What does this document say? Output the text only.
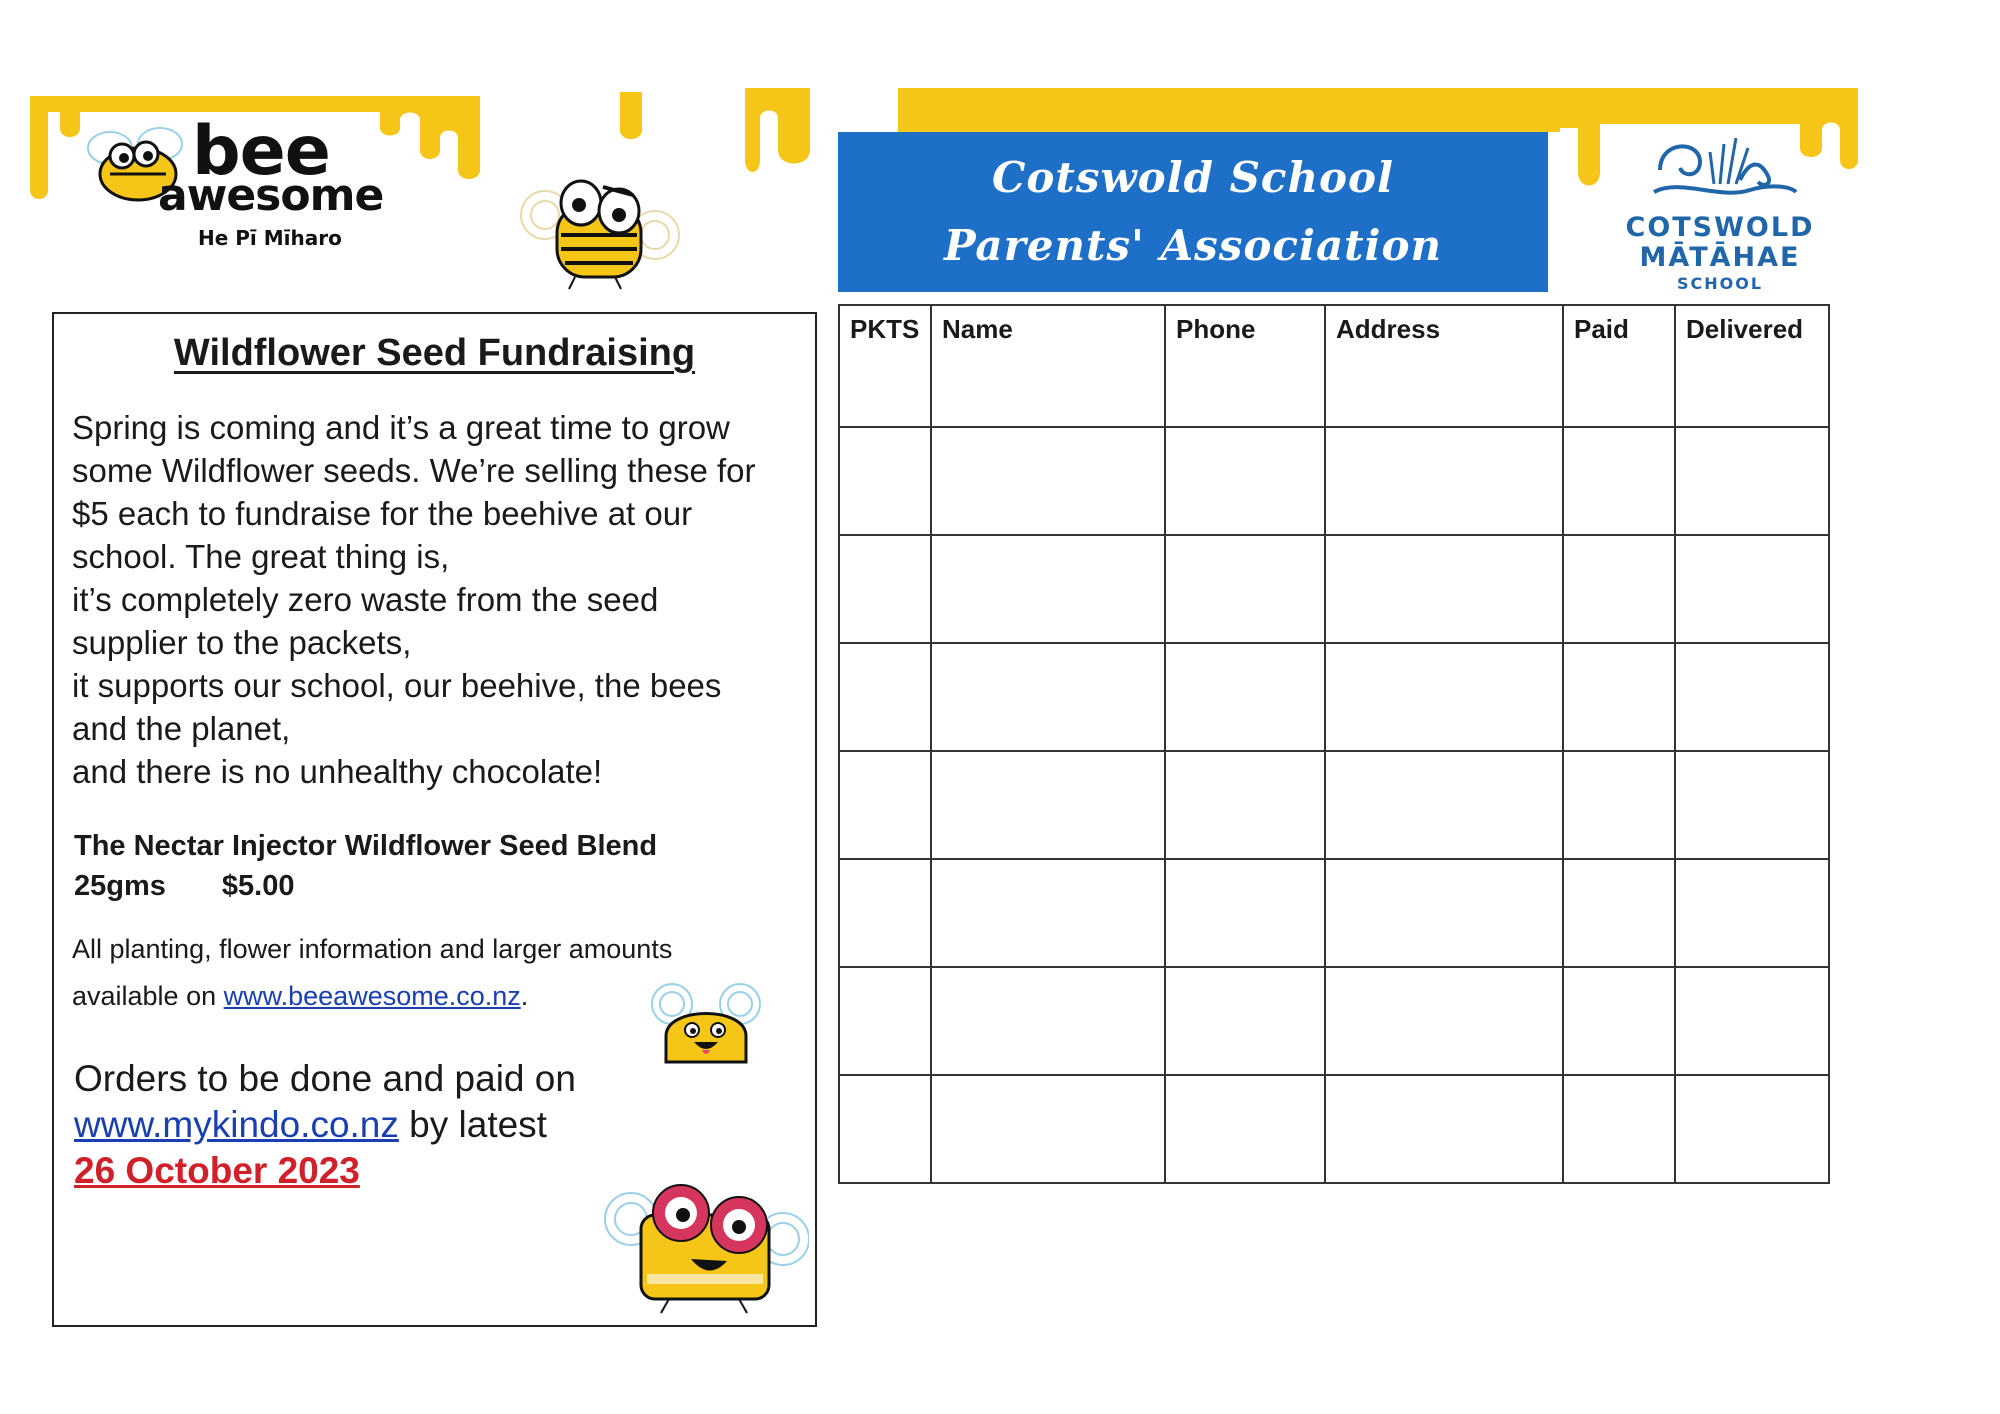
bee
awesome
He Pī Mīharo
Cotswold School
Parents' Association	COTSWOLD
MĀTĀHAE
SCHOOL
Wildflower Seed Fundraising
Spring is coming and it’s a great time to grow
some Wildflower seeds. We’re selling these for
$5 each to fundraise for the beehive at our
school. The great thing is,
it’s completely zero waste from the seed
supplier to the packets,
it supports our school, our beehive, the bees
and the planet,
and there is no unhealthy chocolate!
The Nectar Injector Wildflower Seed Blend
25gms $5.00
All planting, flower information and larger amounts
available on www.beeawesome.co.nz.
Orders to be done and paid on
www.mykindo.co.nz by latest
26 October 2023
PKTS	Name	Phone	Address	Paid	Delivered
